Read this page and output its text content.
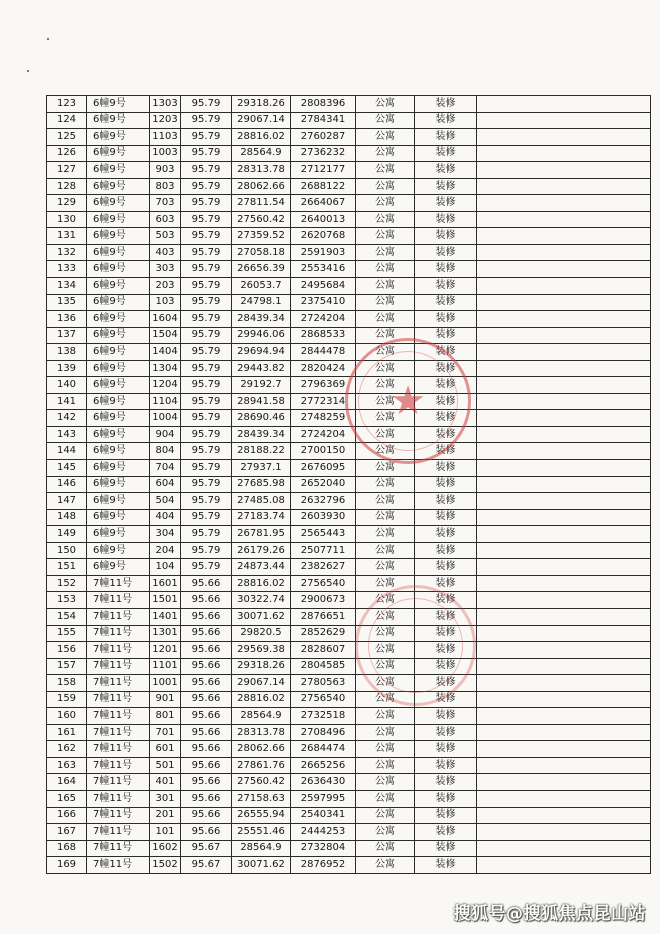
123	6幢9号	1303	95.79	29318.26	2808396	公寓	装修	
124	6幢9号	1203	95.79	29067.14	2784341	公寓	装修	
125	6幢9号	1103	95.79	28816.02	2760287	公寓	装修	
126	6幢9号	1003	95.79	28564.9	2736232	公寓	装修	
127	6幢9号	903	95.79	28313.78	2712177	公寓	装修	
128	6幢9号	803	95.79	28062.66	2688122	公寓	装修	
129	6幢9号	703	95.79	27811.54	2664067	公寓	装修	
130	6幢9号	603	95.79	27560.42	2640013	公寓	装修	
131	6幢9号	503	95.79	27359.52	2620768	公寓	装修	
132	6幢9号	403	95.79	27058.18	2591903	公寓	装修	
133	6幢9号	303	95.79	26656.39	2553416	公寓	装修	
134	6幢9号	203	95.79	26053.7	2495684	公寓	装修	
135	6幢9号	103	95.79	24798.1	2375410	公寓	装修	
136	6幢9号	1604	95.79	28439.34	2724204	公寓	装修	
137	6幢9号	1504	95.79	29946.06	2868533	公寓	装修	
138	6幢9号	1404	95.79	29694.94	2844478	公寓	装修	
139	6幢9号	1304	95.79	29443.82	2820424	公寓	装修	
140	6幢9号	1204	95.79	29192.7	2796369	公寓	装修	
141	6幢9号	1104	95.79	28941.58	2772314	公寓	装修	
142	6幢9号	1004	95.79	28690.46	2748259	公寓	装修	
143	6幢9号	904	95.79	28439.34	2724204	公寓	装修	
144	6幢9号	804	95.79	28188.22	2700150	公寓	装修	
145	6幢9号	704	95.79	27937.1	2676095	公寓	装修	
146	6幢9号	604	95.79	27685.98	2652040	公寓	装修	
147	6幢9号	504	95.79	27485.08	2632796	公寓	装修	
148	6幢9号	404	95.79	27183.74	2603930	公寓	装修	
149	6幢9号	304	95.79	26781.95	2565443	公寓	装修	
150	6幢9号	204	95.79	26179.26	2507711	公寓	装修	
151	6幢9号	104	95.79	24873.44	2382627	公寓	装修	
152	7幢11号	1601	95.66	28816.02	2756540	公寓	装修	
153	7幢11号	1501	95.66	30322.74	2900673	公寓	装修	
154	7幢11号	1401	95.66	30071.62	2876651	公寓	装修	
155	7幢11号	1301	95.66	29820.5	2852629	公寓	装修	
156	7幢11号	1201	95.66	29569.38	2828607	公寓	装修	
157	7幢11号	1101	95.66	29318.26	2804585	公寓	装修	
158	7幢11号	1001	95.66	29067.14	2780563	公寓	装修	
159	7幢11号	901	95.66	28816.02	2756540	公寓	装修	
160	7幢11号	801	95.66	28564.9	2732518	公寓	装修	
161	7幢11号	701	95.66	28313.78	2708496	公寓	装修	
162	7幢11号	601	95.66	28062.66	2684474	公寓	装修	
163	7幢11号	501	95.66	27861.76	2665256	公寓	装修	
164	7幢11号	401	95.66	27560.42	2636430	公寓	装修	
165	7幢11号	301	95.66	27158.63	2597995	公寓	装修	
166	7幢11号	201	95.66	26555.94	2540341	公寓	装修	
167	7幢11号	101	95.66	25551.46	2444253	公寓	装修	
168	7幢11号	1602	95.67	28564.9	2732804	公寓	装修	
169	7幢11号	1502	95.67	30071.62	2876952	公寓	装修	
★
搜狐号@搜狐焦点昆山站
